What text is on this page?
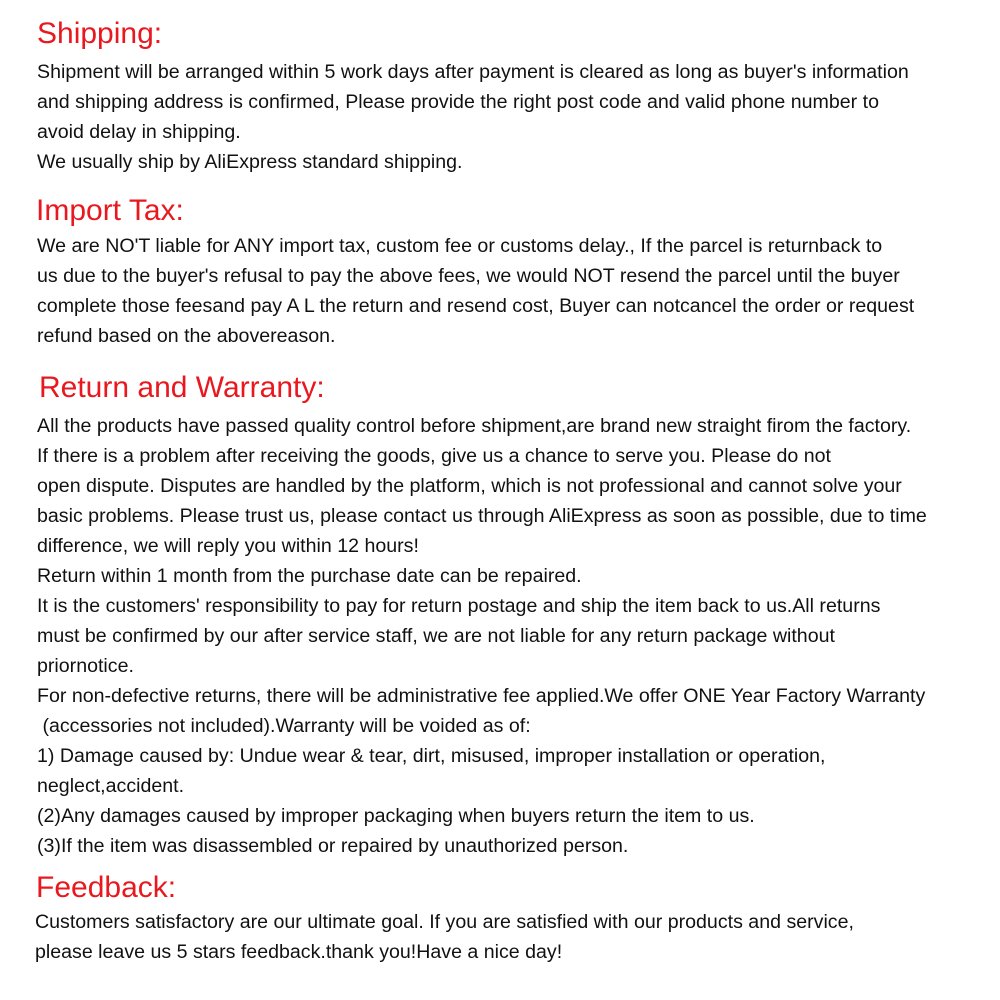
Shipping:

Shipment will be arranged within 5 work days after payment is cleared as long as buyer's information

and shipping address is confirmed, Please provide the right post code and valid phone number to

avoid delay in shipping.

We usually ship by AliExpress standard shipping.

Import Tax:

We are NO'T liable for ANY import tax, custom fee or customs delay., If the parcel is returnback to

us due to the buyer's refusal to pay the above fees, we would NOT resend the parcel until the buyer

complete those feesand pay A L the return and resend cost, Buyer can notcancel the order or request

refund based on the abovereason.

Return and Warranty:

All the products have passed quality control before shipment,are brand new straight firom the factory.

If there is a problem after receiving the goods, give us a chance to serve you. Please do not

open dispute. Disputes are handled by the platform, which is not professional and cannot solve your

basic problems. Please trust us, please contact us through AliExpress as soon as possible, due to time

difference, we will reply you within 12 hours!

Return within 1 month from the purchase date can be repaired.

It is the customers' responsibility to pay for return postage and ship the item back to us.All returns

must be confirmed by our after service staff, we are not liable for any return package without

priornotice.

For non-defective returns, there will be administrative fee applied.We offer ONE Year Factory Warranty

(accessories not included).Warranty will be voided as of:

1) Damage caused by: Undue wear & tear, dirt, misused, improper installation or operation,

neglect,accident.

(2)Any damages caused by improper packaging when buyers return the item to us.

(3)If the item was disassembled or repaired by unauthorized person.

Feedback:

Customers satisfactory are our ultimate goal. If you are satisfied with our products and service,

please leave us 5 stars feedback.thank you!Have a nice day!
